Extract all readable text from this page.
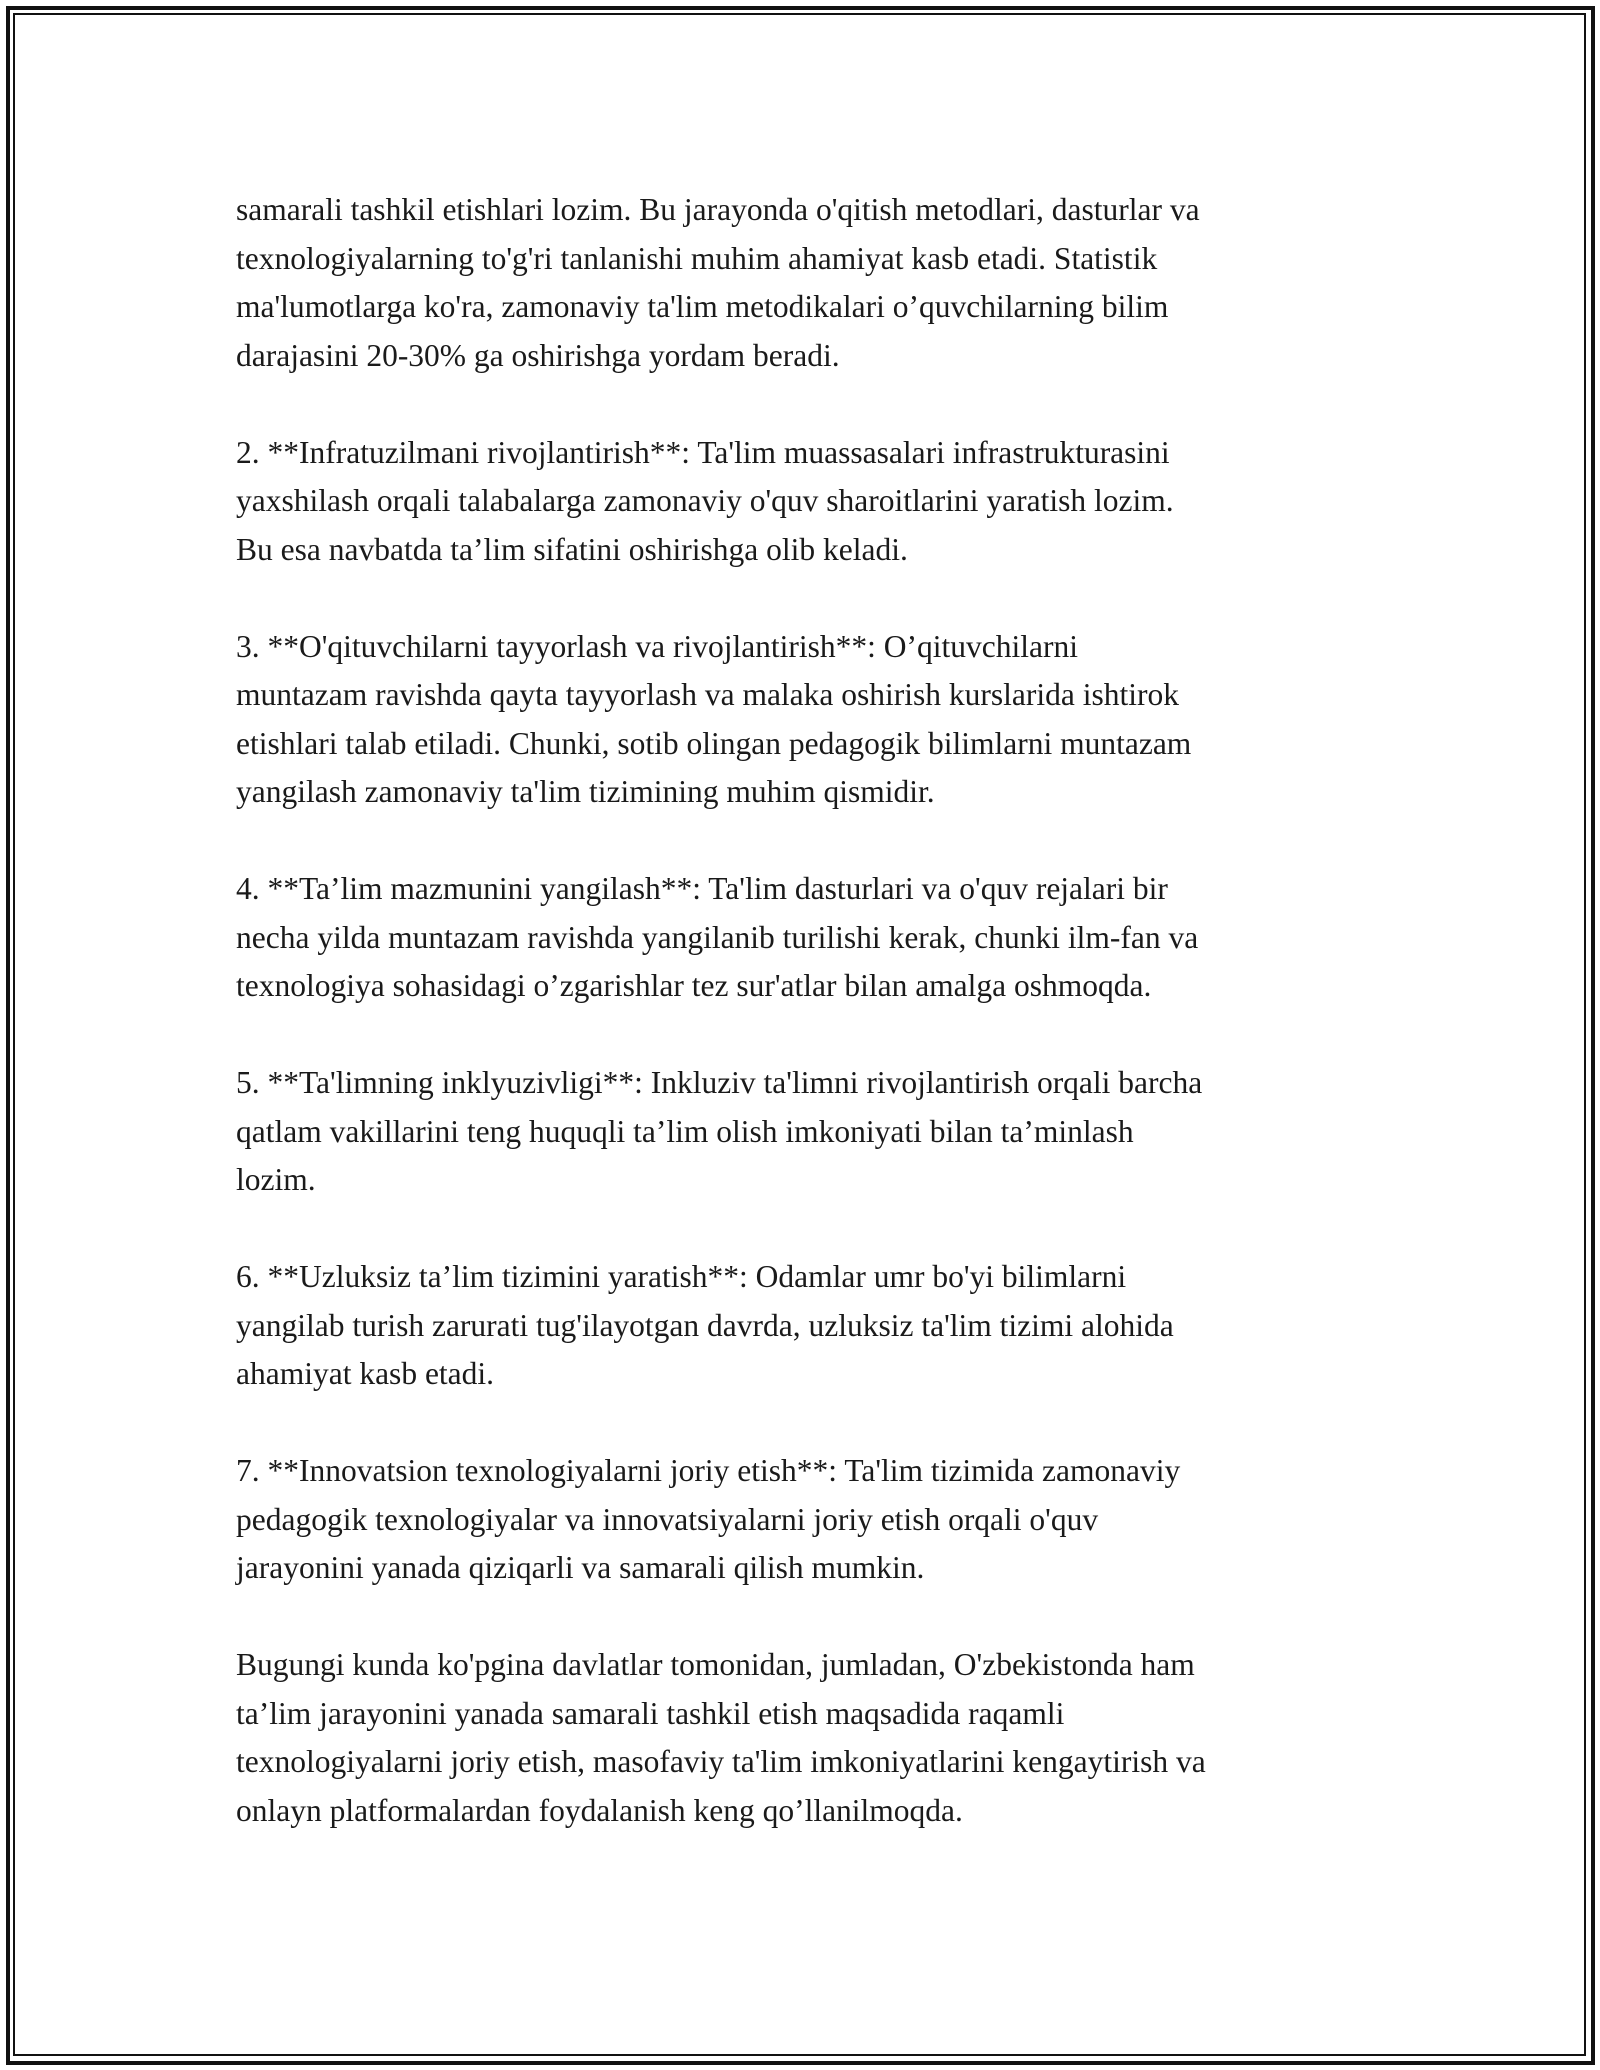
samarali tashkil etishlari lozim. Bu jarayonda o'qitish metodlari, dasturlar va
texnologiyalarning to'g'ri tanlanishi muhim ahamiyat kasb etadi. Statistik
ma'lumotlarga ko'ra, zamonaviy ta'lim metodikalari o’quvchilarning bilim
darajasini 20-30% ga oshirishga yordam beradi.

2. **Infratuzilmani rivojlantirish**: Ta'lim muassasalari infrastrukturasini
yaxshilash orqali talabalarga zamonaviy o'quv sharoitlarini yaratish lozim.
Bu esa navbatda ta’lim sifatini oshirishga olib keladi.

3. **O'qituvchilarni tayyorlash va rivojlantirish**: O’qituvchilarni
muntazam ravishda qayta tayyorlash va malaka oshirish kurslarida ishtirok
etishlari talab etiladi. Chunki, sotib olingan pedagogik bilimlarni muntazam
yangilash zamonaviy ta'lim tizimining muhim qismidir.

4. **Ta’lim mazmunini yangilash**: Ta'lim dasturlari va o'quv rejalari bir
necha yilda muntazam ravishda yangilanib turilishi kerak, chunki ilm-fan va
texnologiya sohasidagi o’zgarishlar tez sur'atlar bilan amalga oshmoqda.

5. **Ta'limning inklyuzivligi**: Inkluziv ta'limni rivojlantirish orqali barcha
qatlam vakillarini teng huquqli ta’lim olish imkoniyati bilan ta’minlash
lozim.

6. **Uzluksiz ta’lim tizimini yaratish**: Odamlar umr bo'yi bilimlarni
yangilab turish zarurati tug'ilayotgan davrda, uzluksiz ta'lim tizimi alohida
ahamiyat kasb etadi.

7. **Innovatsion texnologiyalarni joriy etish**: Ta'lim tizimida zamonaviy
pedagogik texnologiyalar va innovatsiyalarni joriy etish orqali o'quv
jarayonini yanada qiziqarli va samarali qilish mumkin.

Bugungi kunda ko'pgina davlatlar tomonidan, jumladan, O'zbekistonda ham
ta’lim jarayonini yanada samarali tashkil etish maqsadida raqamli
texnologiyalarni joriy etish, masofaviy ta'lim imkoniyatlarini kengaytirish va
onlayn platformalardan foydalanish keng qo’llanilmoqda.
